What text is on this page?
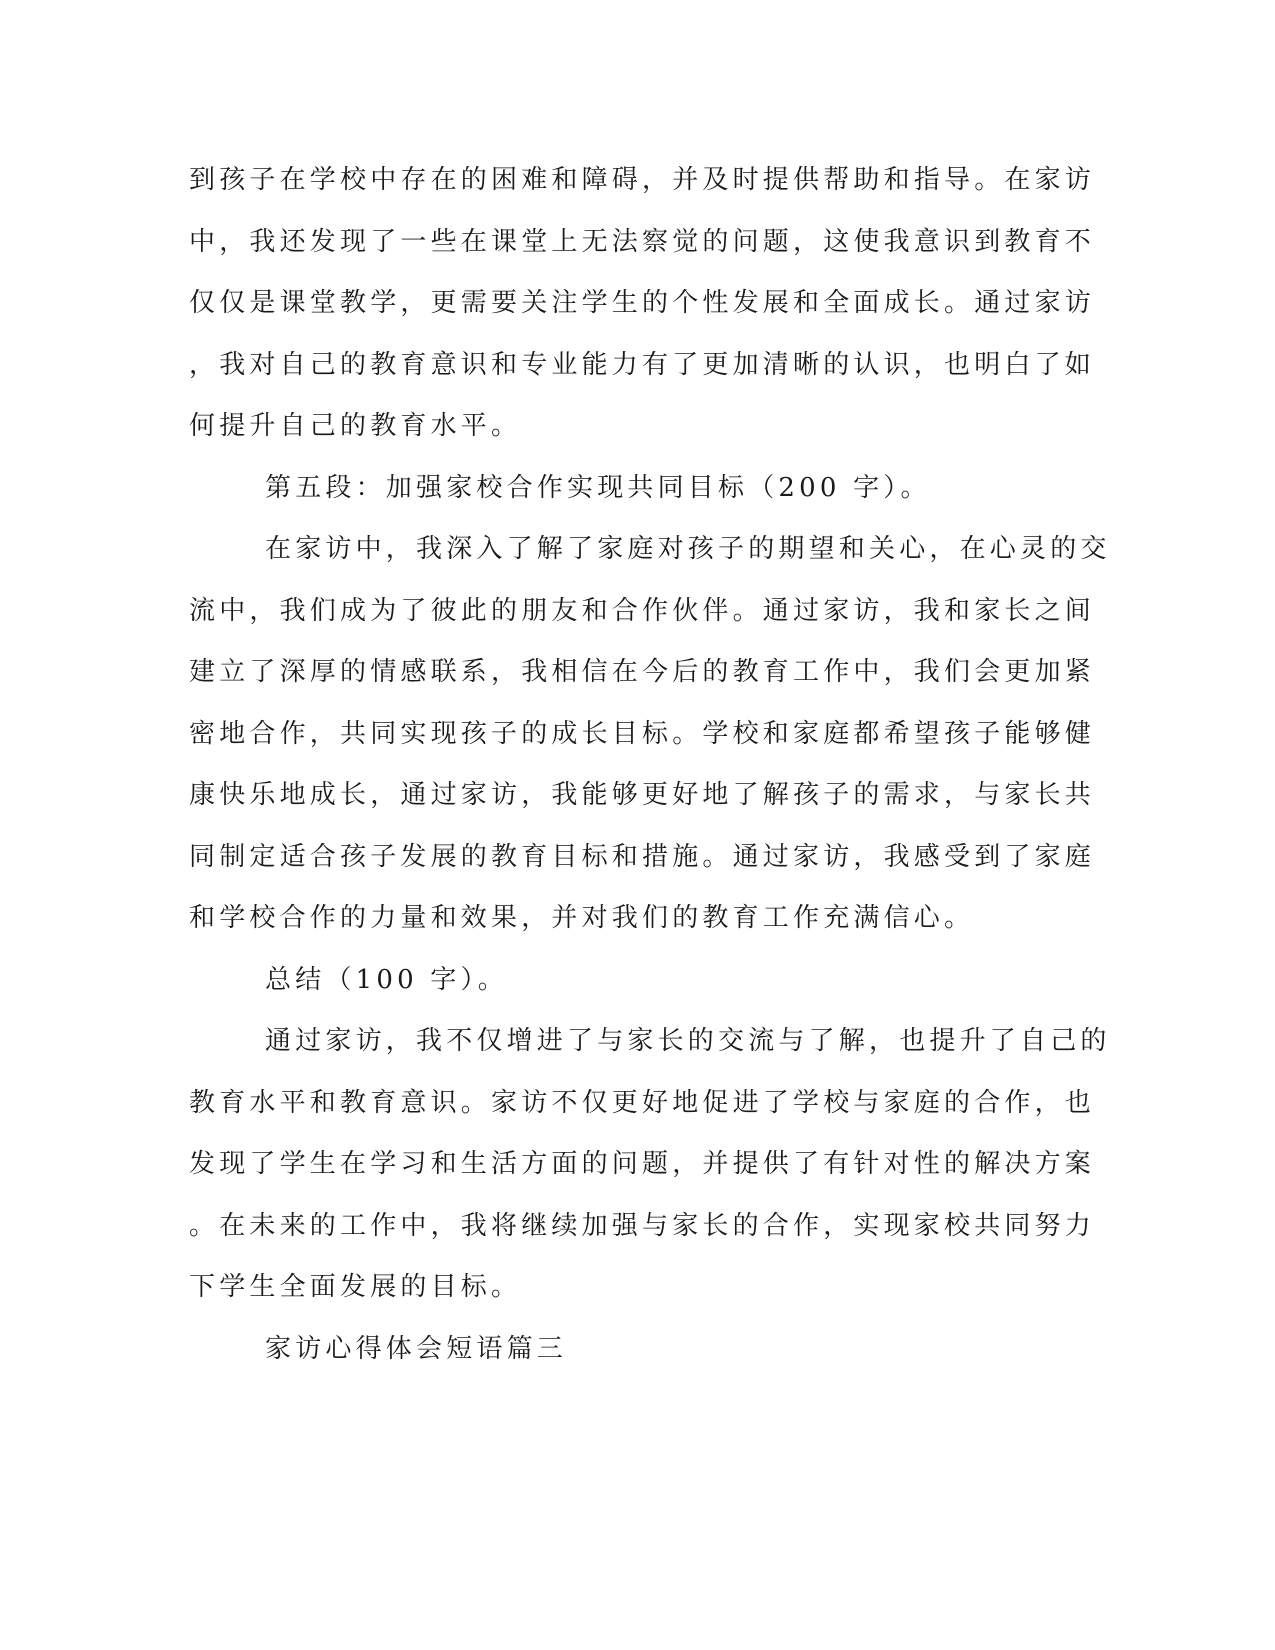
到孩子在学校中存在的困难和障碍，并及时提供帮助和指导。在家访
中，我还发现了一些在课堂上无法察觉的问题，这使我意识到教育不
仅仅是课堂教学，更需要关注学生的个性发展和全面成长。通过家访
，我对自己的教育意识和专业能力有了更加清晰的认识，也明白了如
何提升自己的教育水平。
第五段：加强家校合作实现共同目标（200 字）。
在家访中，我深入了解了家庭对孩子的期望和关心，在心灵的交
流中，我们成为了彼此的朋友和合作伙伴。通过家访，我和家长之间
建立了深厚的情感联系，我相信在今后的教育工作中，我们会更加紧
密地合作，共同实现孩子的成长目标。学校和家庭都希望孩子能够健
康快乐地成长，通过家访，我能够更好地了解孩子的需求，与家长共
同制定适合孩子发展的教育目标和措施。通过家访，我感受到了家庭
和学校合作的力量和效果，并对我们的教育工作充满信心。
总结（100 字）。
通过家访，我不仅增进了与家长的交流与了解，也提升了自己的
教育水平和教育意识。家访不仅更好地促进了学校与家庭的合作，也
发现了学生在学习和生活方面的问题，并提供了有针对性的解决方案
。在未来的工作中，我将继续加强与家长的合作，实现家校共同努力
下学生全面发展的目标。
家访心得体会短语篇三
